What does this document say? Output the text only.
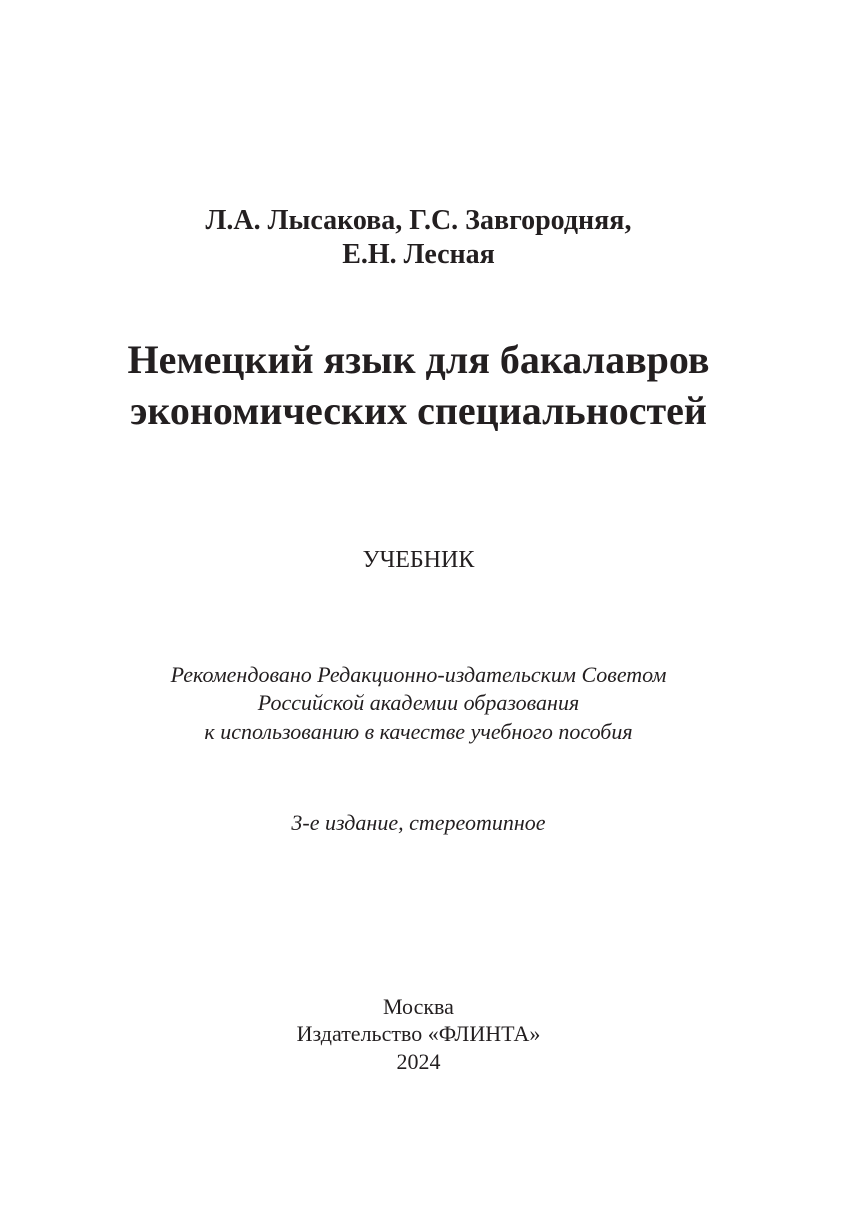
Л.А. Лысакова, Г.С. Завгородняя,
Е.Н. Лесная
Немецкий язык для бакалавров
экономических специальностей
УЧЕБНИК
Рекомендовано Редакционно-издательским Советом
Российской академии образования
к использованию в качестве учебного пособия
3-е издание, стереотипное
Москва
Издательство «ФЛИНТА»
2024
